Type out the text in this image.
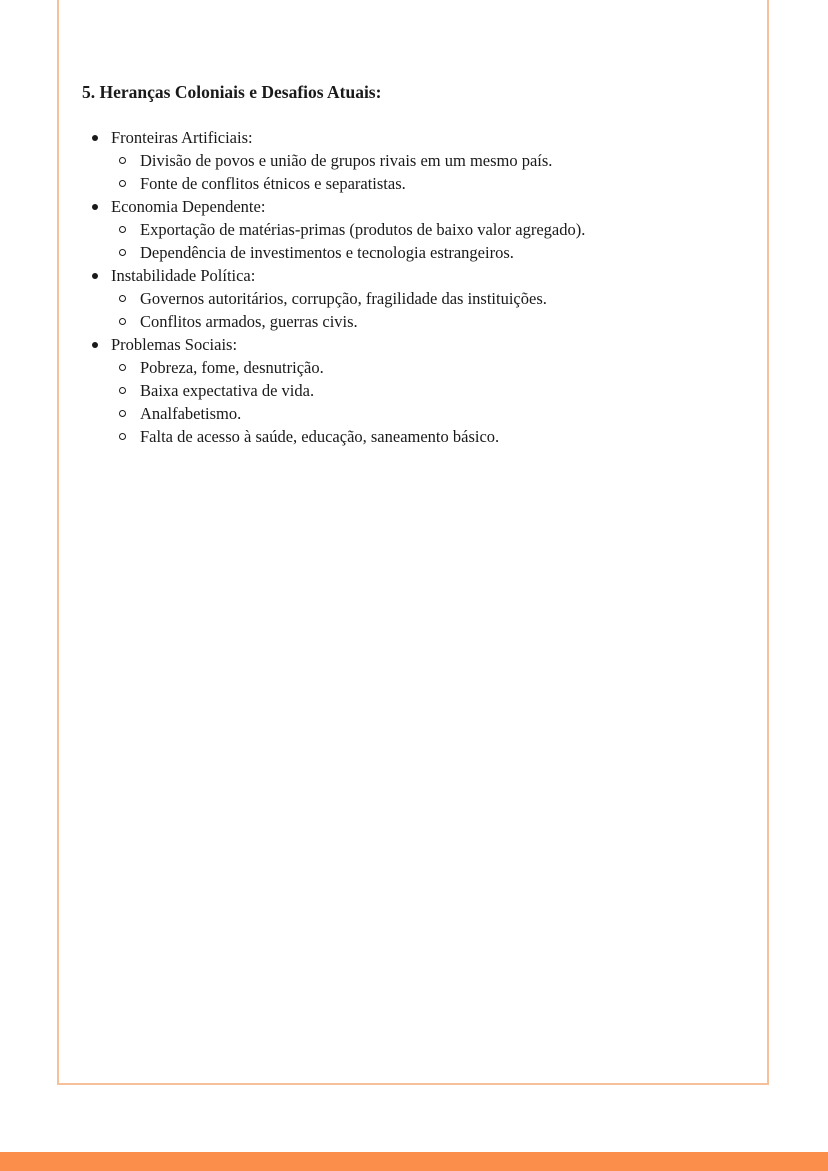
5. Heranças Coloniais e Desafios Atuais:
Fronteiras Artificiais:
Divisão de povos e união de grupos rivais em um mesmo país.
Fonte de conflitos étnicos e separatistas.
Economia Dependente:
Exportação de matérias-primas (produtos de baixo valor agregado).
Dependência de investimentos e tecnologia estrangeiros.
Instabilidade Política:
Governos autoritários, corrupção, fragilidade das instituições.
Conflitos armados, guerras civis.
Problemas Sociais:
Pobreza, fome, desnutrição.
Baixa expectativa de vida.
Analfabetismo.
Falta de acesso à saúde, educação, saneamento básico.
